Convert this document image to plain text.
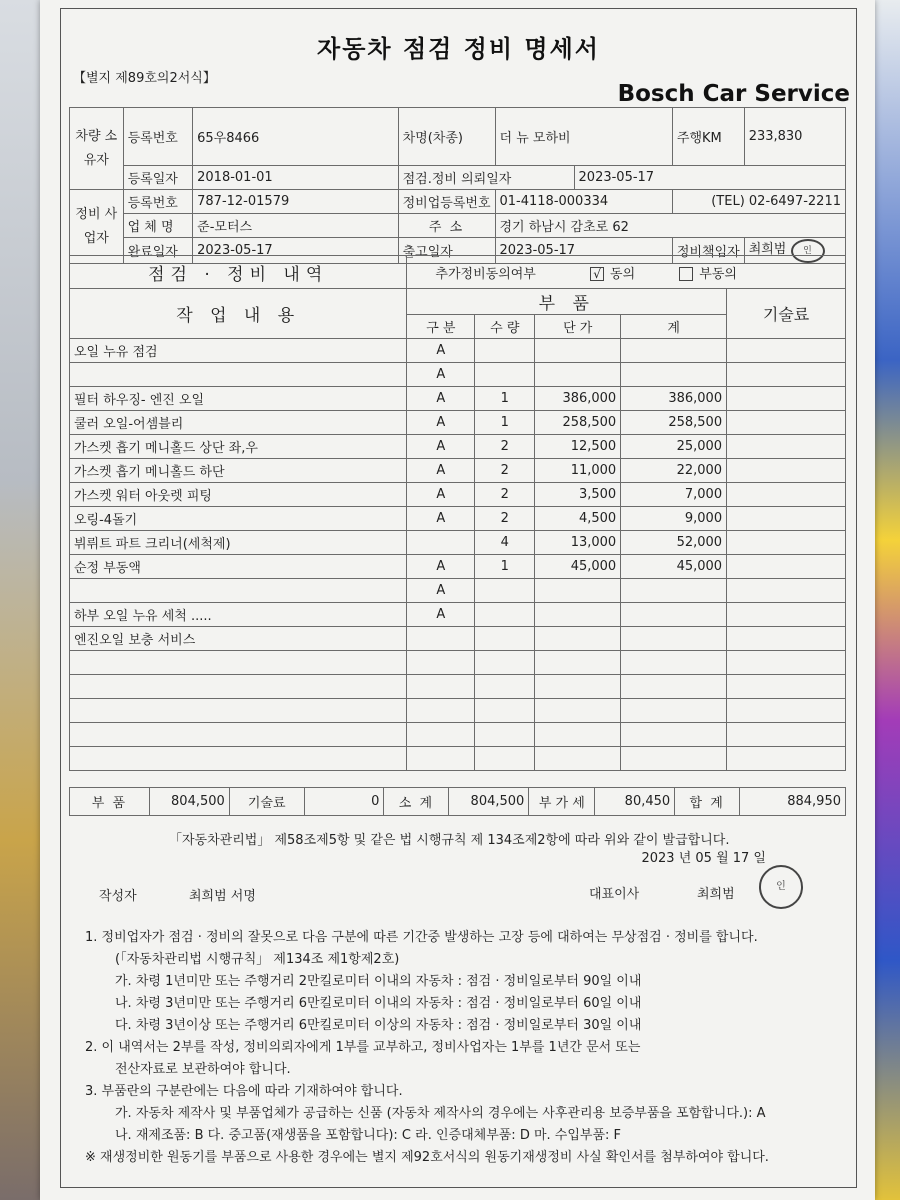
자동차 점검 정비 명세서
【별지 제89호의2서식】
Bosch Car Service
차량 소유자	등록번호	65우8466	차명(차종)	더 뉴 모하비		주행KM	233,830
	등록일자	2018-01-01	점검.정비 의뢰일자		2023-05-17		
정비 사업자	등록번호	787-12-01579	정비업등록번호	01-4118-000334		(TEL) 02-6497-2211	
	업 체 명	준-모터스	주 소	경기 하남시 감초로 62			
	완료일자	2023-05-17	출고일자	2023-05-17		정비책임자	최희범 인
점검 · 정비 내역	추가정비동의여부 √ 동의 부동의				
작 업 내 용	부 품				기술료
	구 분	수 량	단 가	계	
오일 누유 점검	A				
	A				
필터 하우징- 엔진 오일	A	1	386,000	386,000	
쿨러 오일-어셈블리	A	1	258,500	258,500	
가스켓 흡기 메니홀드 상단 좌,우	A	2	12,500	25,000	
가스켓 흡기 메니홀드 하단	A	2	11,000	22,000	
가스켓 워터 아웃렛 피팅	A	2	3,500	7,000	
오링-4돌기	A	2	4,500	9,000	
뷔뤼트 파트 크리너(세척제)		4	13,000	52,000	
순정 부동액	A	1	45,000	45,000	
	A				
하부 오일 누유 세척 .....	A				
엔진오일 보충 서비스					

부 품	804,500	기술료	0	소 계	804,500	부 가 세	80,450	합 계	884,950
「자동차관리법」 제58조제5항 및 같은 법 시행규칙 제 134조제2항에 따라 위와 같이 발급합니다.
2023 년 05 월 17 일
작성자	최희범 서명	대표이사	최희범
인
1. 정비업자가 점검 · 정비의 잘못으로 다음 구분에 따른 기간중 발생하는 고장 등에 대하여는 무상점검 · 정비를 합니다.
(「자동차관리법 시행규칙」 제134조 제1항제2호)
가. 차령 1년미만 또는 주행거리 2만킬로미터 이내의 자동차 : 점검 · 정비일로부터 90일 이내
나. 차령 3년미만 또는 주행거리 6만킬로미터 이내의 자동차 : 점검 · 정비일로부터 60일 이내
다. 차령 3년이상 또는 주행거리 6만킬로미터 이상의 자동차 : 점검 · 정비일로부터 30일 이내
2. 이 내역서는 2부를 작성, 정비의뢰자에게 1부를 교부하고, 정비사업자는 1부를 1년간 문서 또는
전산자료로 보관하여야 합니다.
3. 부품란의 구분란에는 다음에 따라 기재하여야 합니다.
가. 자동차 제작사 및 부품업체가 공급하는 신품 (자동차 제작사의 경우에는 사후관리용 보증부품을 포함합니다.): A
나. 재제조품: B 다. 중고품(재생품을 포함합니다): C 라. 인증대체부품: D 마. 수입부품: F
※ 재생정비한 원동기를 부품으로 사용한 경우에는 별지 제92호서식의 원동기재생정비 사실 확인서를 첨부하여야 합니다.
